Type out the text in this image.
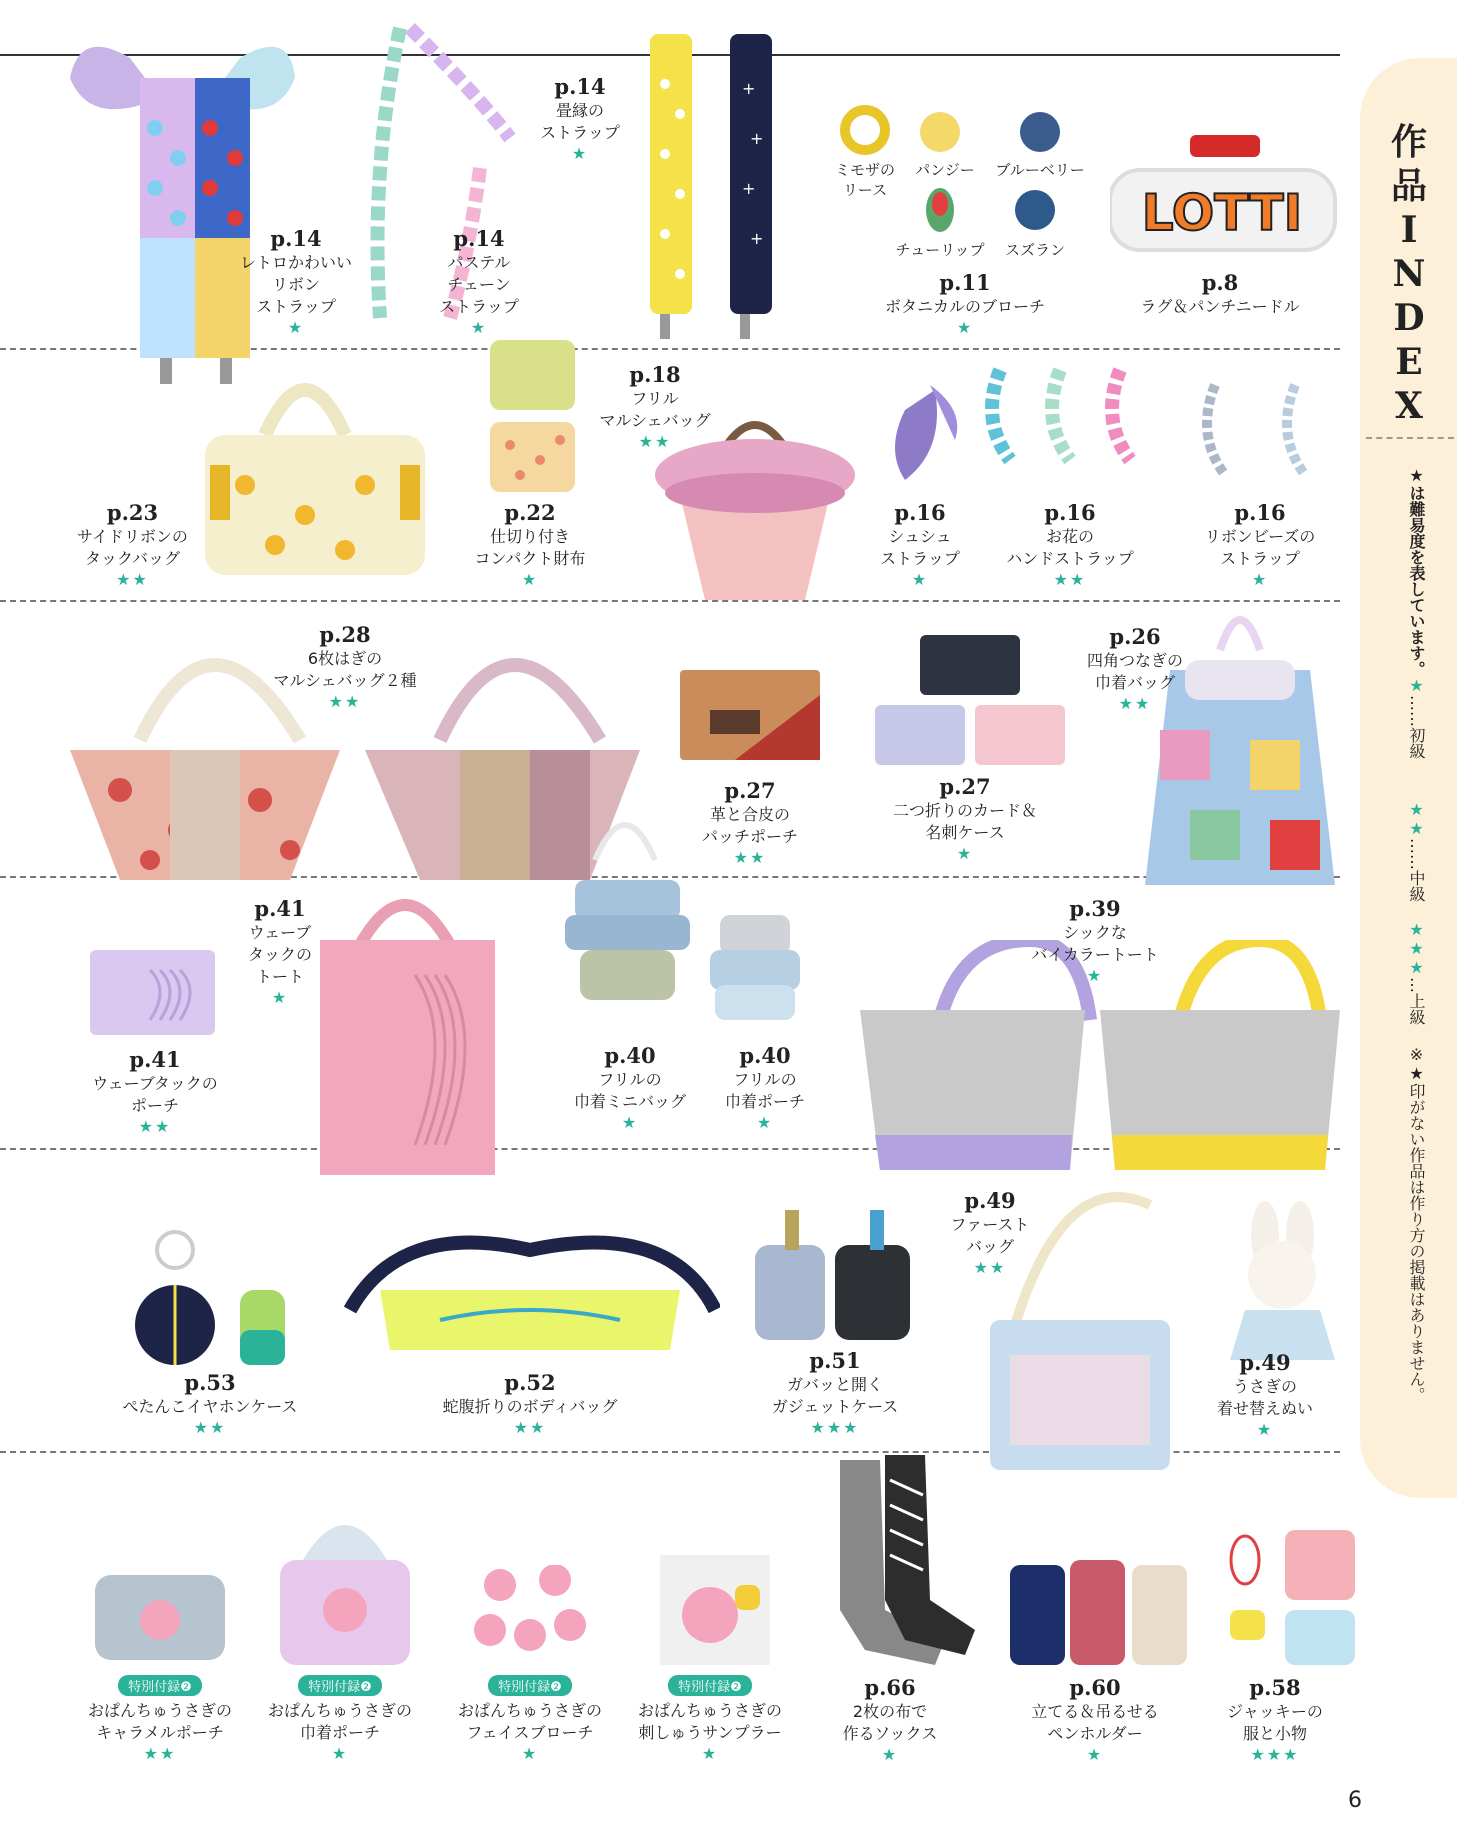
作品INDEX
★は難易度を表しています。
★……初級
★★……中級
★★★…上級
※★印がない作品は作り方の掲載はありません。
6
+
+
+
+
ミモザの
リース
パンジー	ブルーベリー
チューリップ	スズラン
LOTTI
p.14
レトロかわいい
リボン
ストラップ
★
p.14
パステル
チェーン
ストラップ
★
p.14
畳縁の
ストラップ
★
p.11
ボタニカルのブローチ
★
p.8
ラグ＆パンチニードル
p.23
サイドリボンの
タックバッグ
★★
p.22
仕切り付き
コンパクト財布
★
p.18
フリル
マルシェバッグ
★★
p.16
シュシュ
ストラップ
★
p.16
お花の
ハンドストラップ
★★
p.16
リボンビーズの
ストラップ
★
p.28
6枚はぎの
マルシェバッグ２種
★★
p.27
革と合皮の
パッチポーチ
★★
p.27
二つ折りのカード＆
名刺ケース
★
p.26
四角つなぎの
巾着バッグ
★★
p.41
ウェーブ
タックの
トート
★
p.41
ウェーブタックの
ポーチ
★★
p.40
フリルの
巾着ミニバッグ
★
p.40
フリルの
巾着ポーチ
★
p.39
シックな
バイカラートート
★
p.53
ぺたんこイヤホンケース
★★
p.52
蛇腹折りのボディバッグ
★★
p.51
ガバッと開く
ガジェットケース
★★★
p.49
ファースト
バッグ
★★
p.49
うさぎの
着せ替えぬい
★
特別付録❷
おぱんちゅうさぎの
キャラメルポーチ
★★
特別付録❷
おぱんちゅうさぎの
巾着ポーチ
★
特別付録❷
おぱんちゅうさぎの
フェイスブローチ
★
特別付録❷
おぱんちゅうさぎの
刺しゅうサンプラー
★
p.66
2枚の布で
作るソックス
★
p.60
立てる＆吊るせる
ペンホルダー
★
p.58
ジャッキーの
服と小物
★★★
